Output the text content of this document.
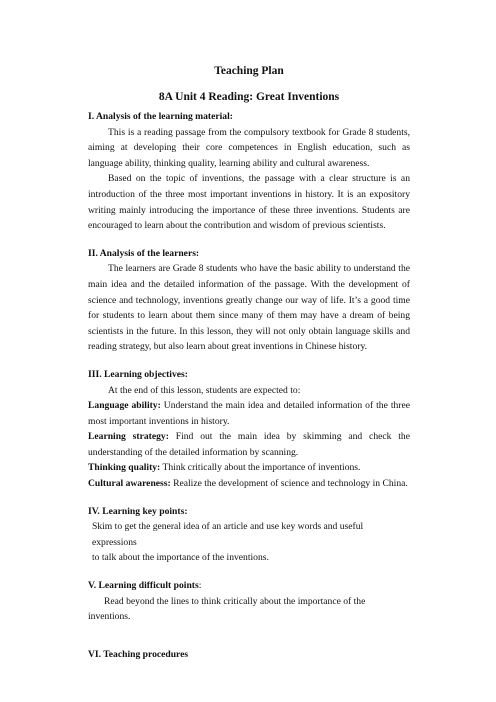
Teaching Plan
8A Unit 4 Reading: Great Inventions
I. Analysis of the learning material:

This is a reading passage from the compulsory textbook for Grade 8 students, aiming at developing their core competences in English education, such as language ability, thinking quality, learning ability and cultural awareness.

Based on the topic of inventions, the passage with a clear structure is an introduction of the three most important inventions in history. It is an expository writing mainly introducing the importance of these three inventions. Students are encouraged to learn about the contribution and wisdom of previous scientists.

II. Analysis of the learners:

The learners are Grade 8 students who have the basic ability to understand the main idea and the detailed information of the passage. With the development of science and technology, inventions greatly change our way of life. It’s a good time for students to learn about them since many of them may have a dream of being scientists in the future. In this lesson, they will not only obtain language skills and reading strategy, but also learn about great inventions in Chinese history.

III. Learning objectives:

At the end of this lesson, students are expected to:

Language ability: Understand the main idea and detailed information of the three most important inventions in history.

Learning strategy: Find out the main idea by skimming and check the understanding of the detailed information by scanning.

Thinking quality: Think critically about the importance of inventions.

Cultural awareness: Realize the development of science and technology in China.

IV. Learning key points:

Skim to get the general idea of an article and use key words and useful expressions

to talk about the importance of the inventions.

V. Learning difficult points:

Read beyond the lines to think critically about the importance of the inventions.

VI. Teaching procedures
